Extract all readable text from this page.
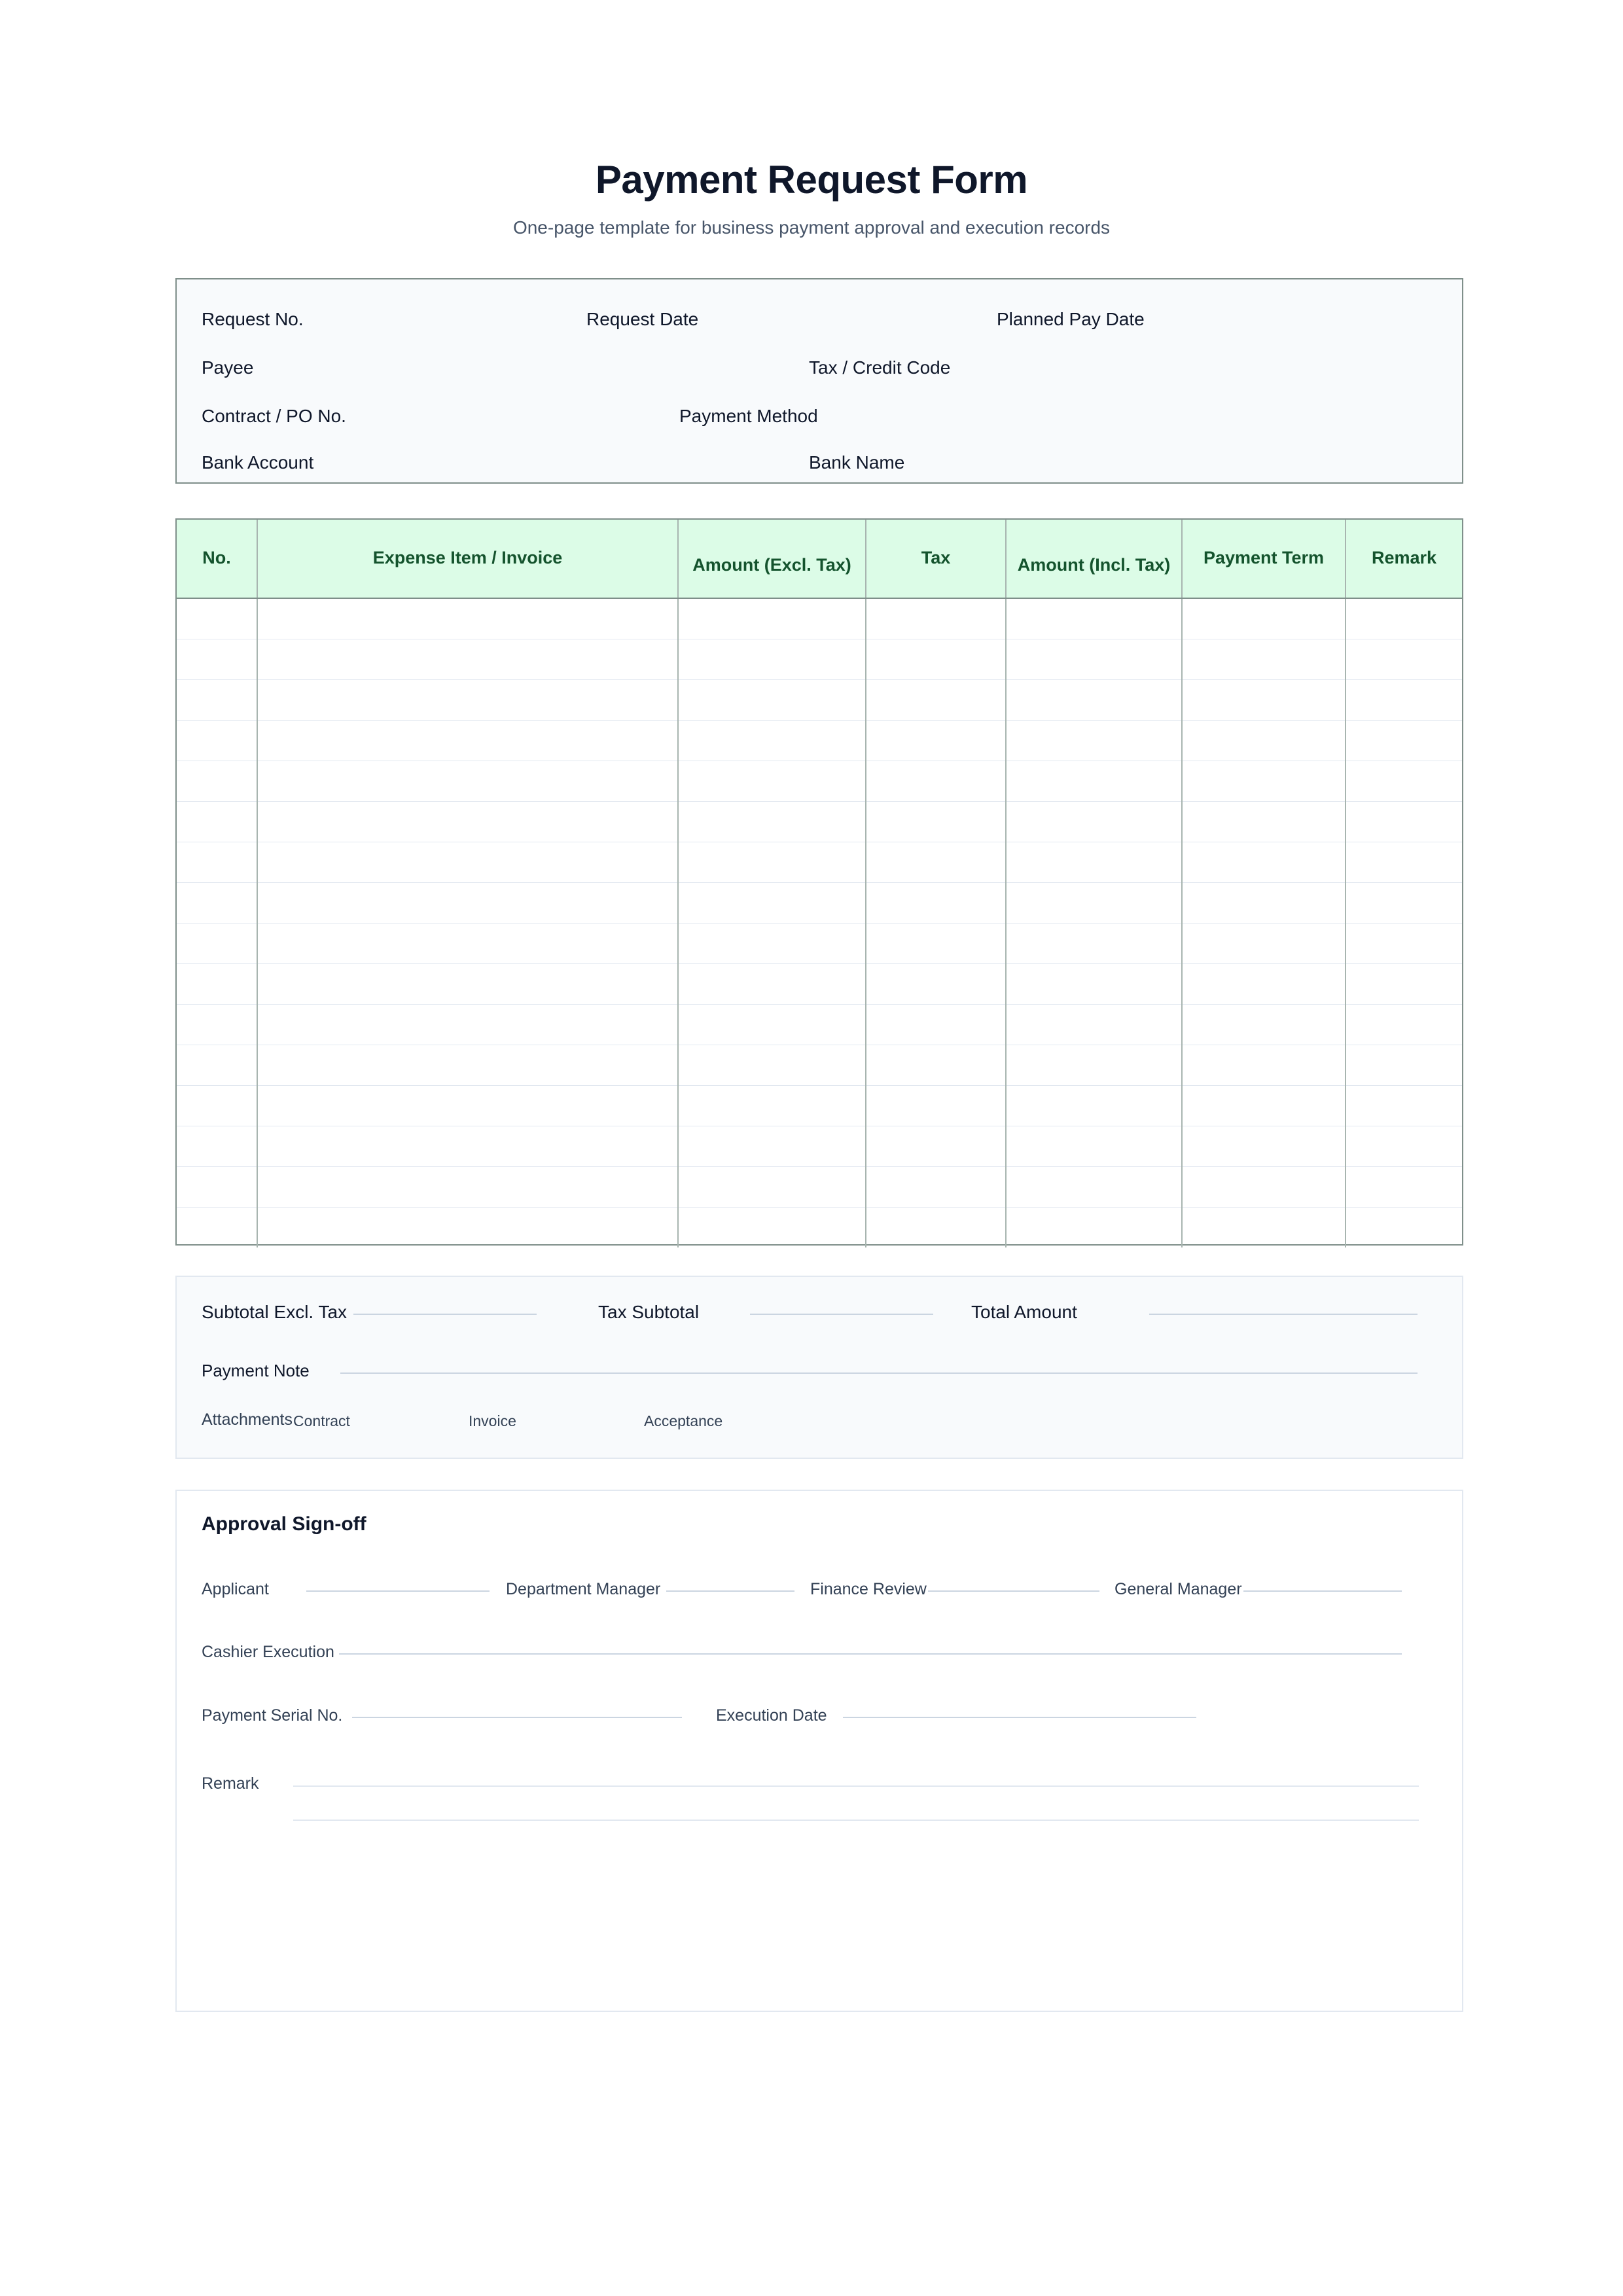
Payment Request Form
One-page template for business payment approval and execution records
Request No.	Request Date	Planned Pay Date
Payee	Tax / Credit Code
Contract / PO No.	Payment Method
Bank Account	Bank Name
No.	Expense Item / Invoice	Amount (Excl. Tax)	Tax	Amount (Incl. Tax)	Payment Term	Remark

Subtotal Excl. Tax	Tax Subtotal	Total Amount
Payment Note
Attachments Contract	Invoice	Acceptance
Approval Sign-off
Applicant	Department Manager	Finance Review	General Manager
Cashier Execution
Payment Serial No.	Execution Date
Remark
